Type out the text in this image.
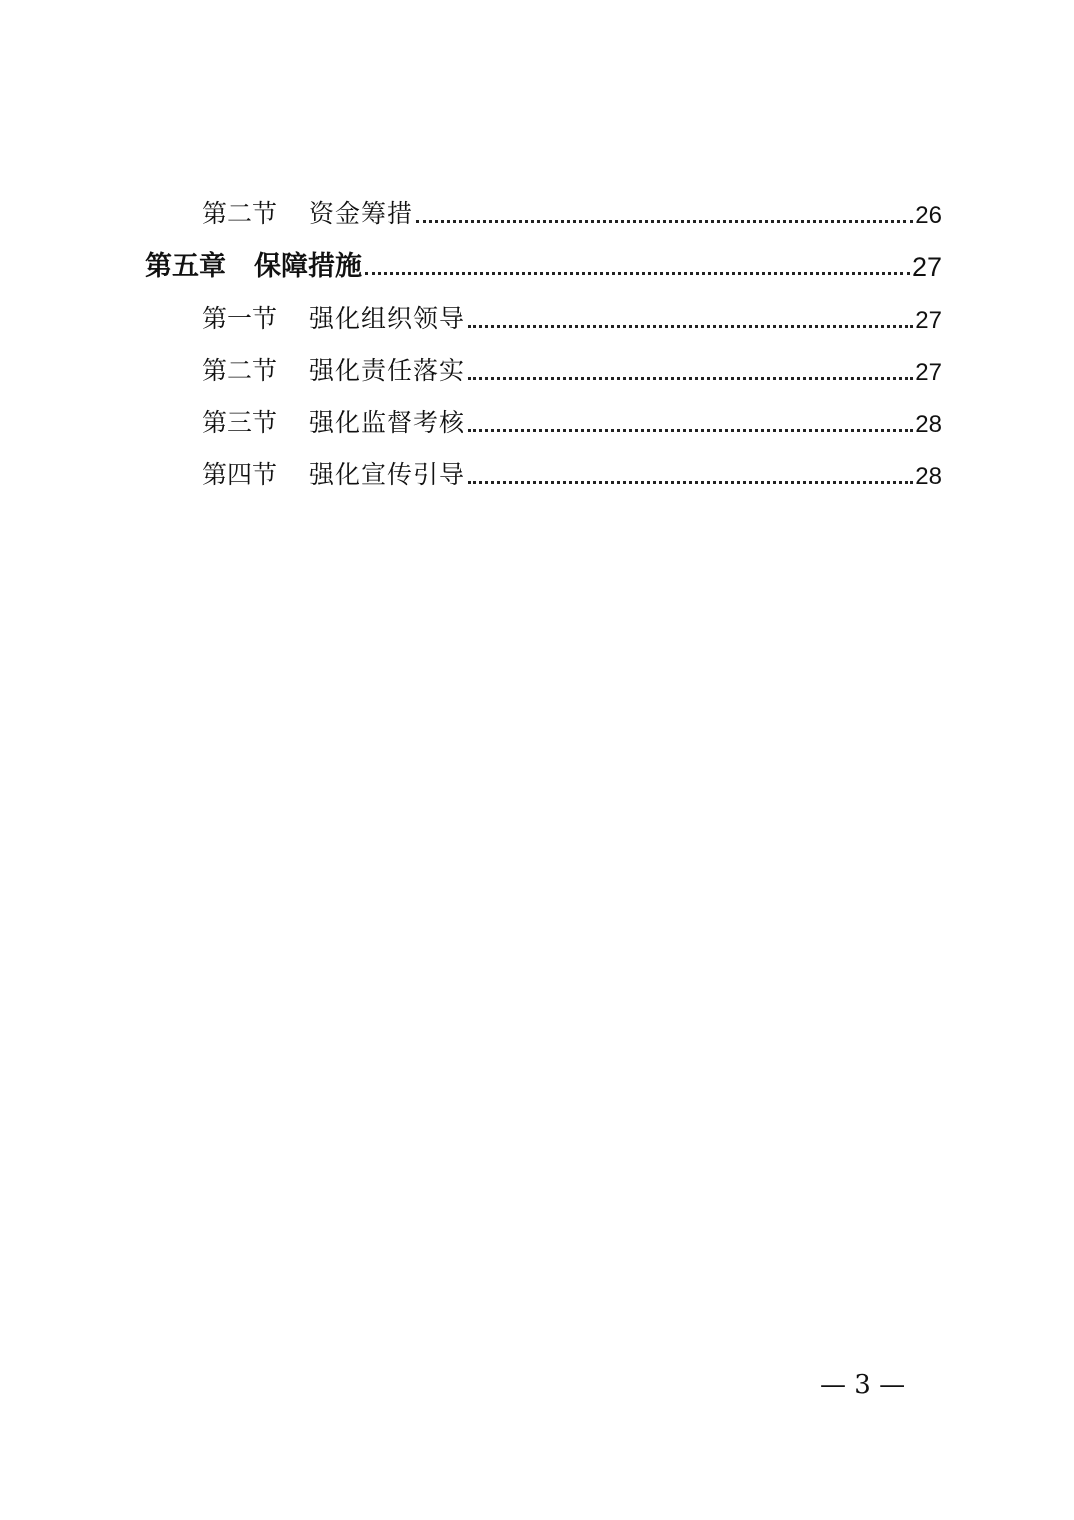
第二节 资金筹措	26
第五章 保障措施	27
第一节 强化组织领导	27
第二节 强化责任落实	27
第三节 强化监督考核	28
第四节 强化宣传引导	28
— 3 —
